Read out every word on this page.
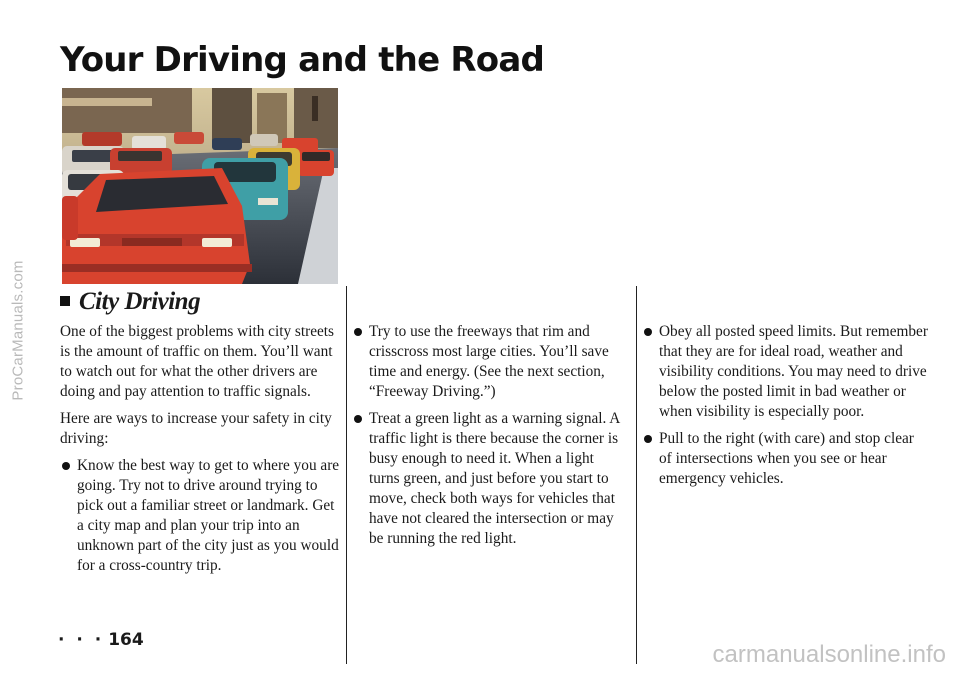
ProCarManuals.com
carmanualsonline.info
Your Driving and the Road
City Driving

One of the biggest problems with city streets is the amount of traffic on them. You’ll want to watch out for what the other drivers are doing and pay attention to traffic signals.

Here are ways to increase your safety in city driving:

Know the best way to get to where you are going. Try not to drive around trying to pick out a familiar street or landmark. Get a city map and plan your trip into an unknown part of the city just as you would for a cross-country trip.
Try to use the freeways that rim and crisscross most large cities. You’ll save time and energy. (See the next section, “Freeway Driving.”)
Treat a green light as a warning signal. A traffic light is there because the corner is busy enough to need it. When a light turns green, and just before you start to move, check both ways for vehicles that have not cleared the intersection or may be running the red light.
Obey all posted speed limits. But remember that they are for ideal road, weather and visibility conditions. You may need to drive below the posted limit in bad weather or when visibility is especially poor.
Pull to the right (with care) and stop clear of intersections when you see or hear emergency vehicles.
· · · 164
